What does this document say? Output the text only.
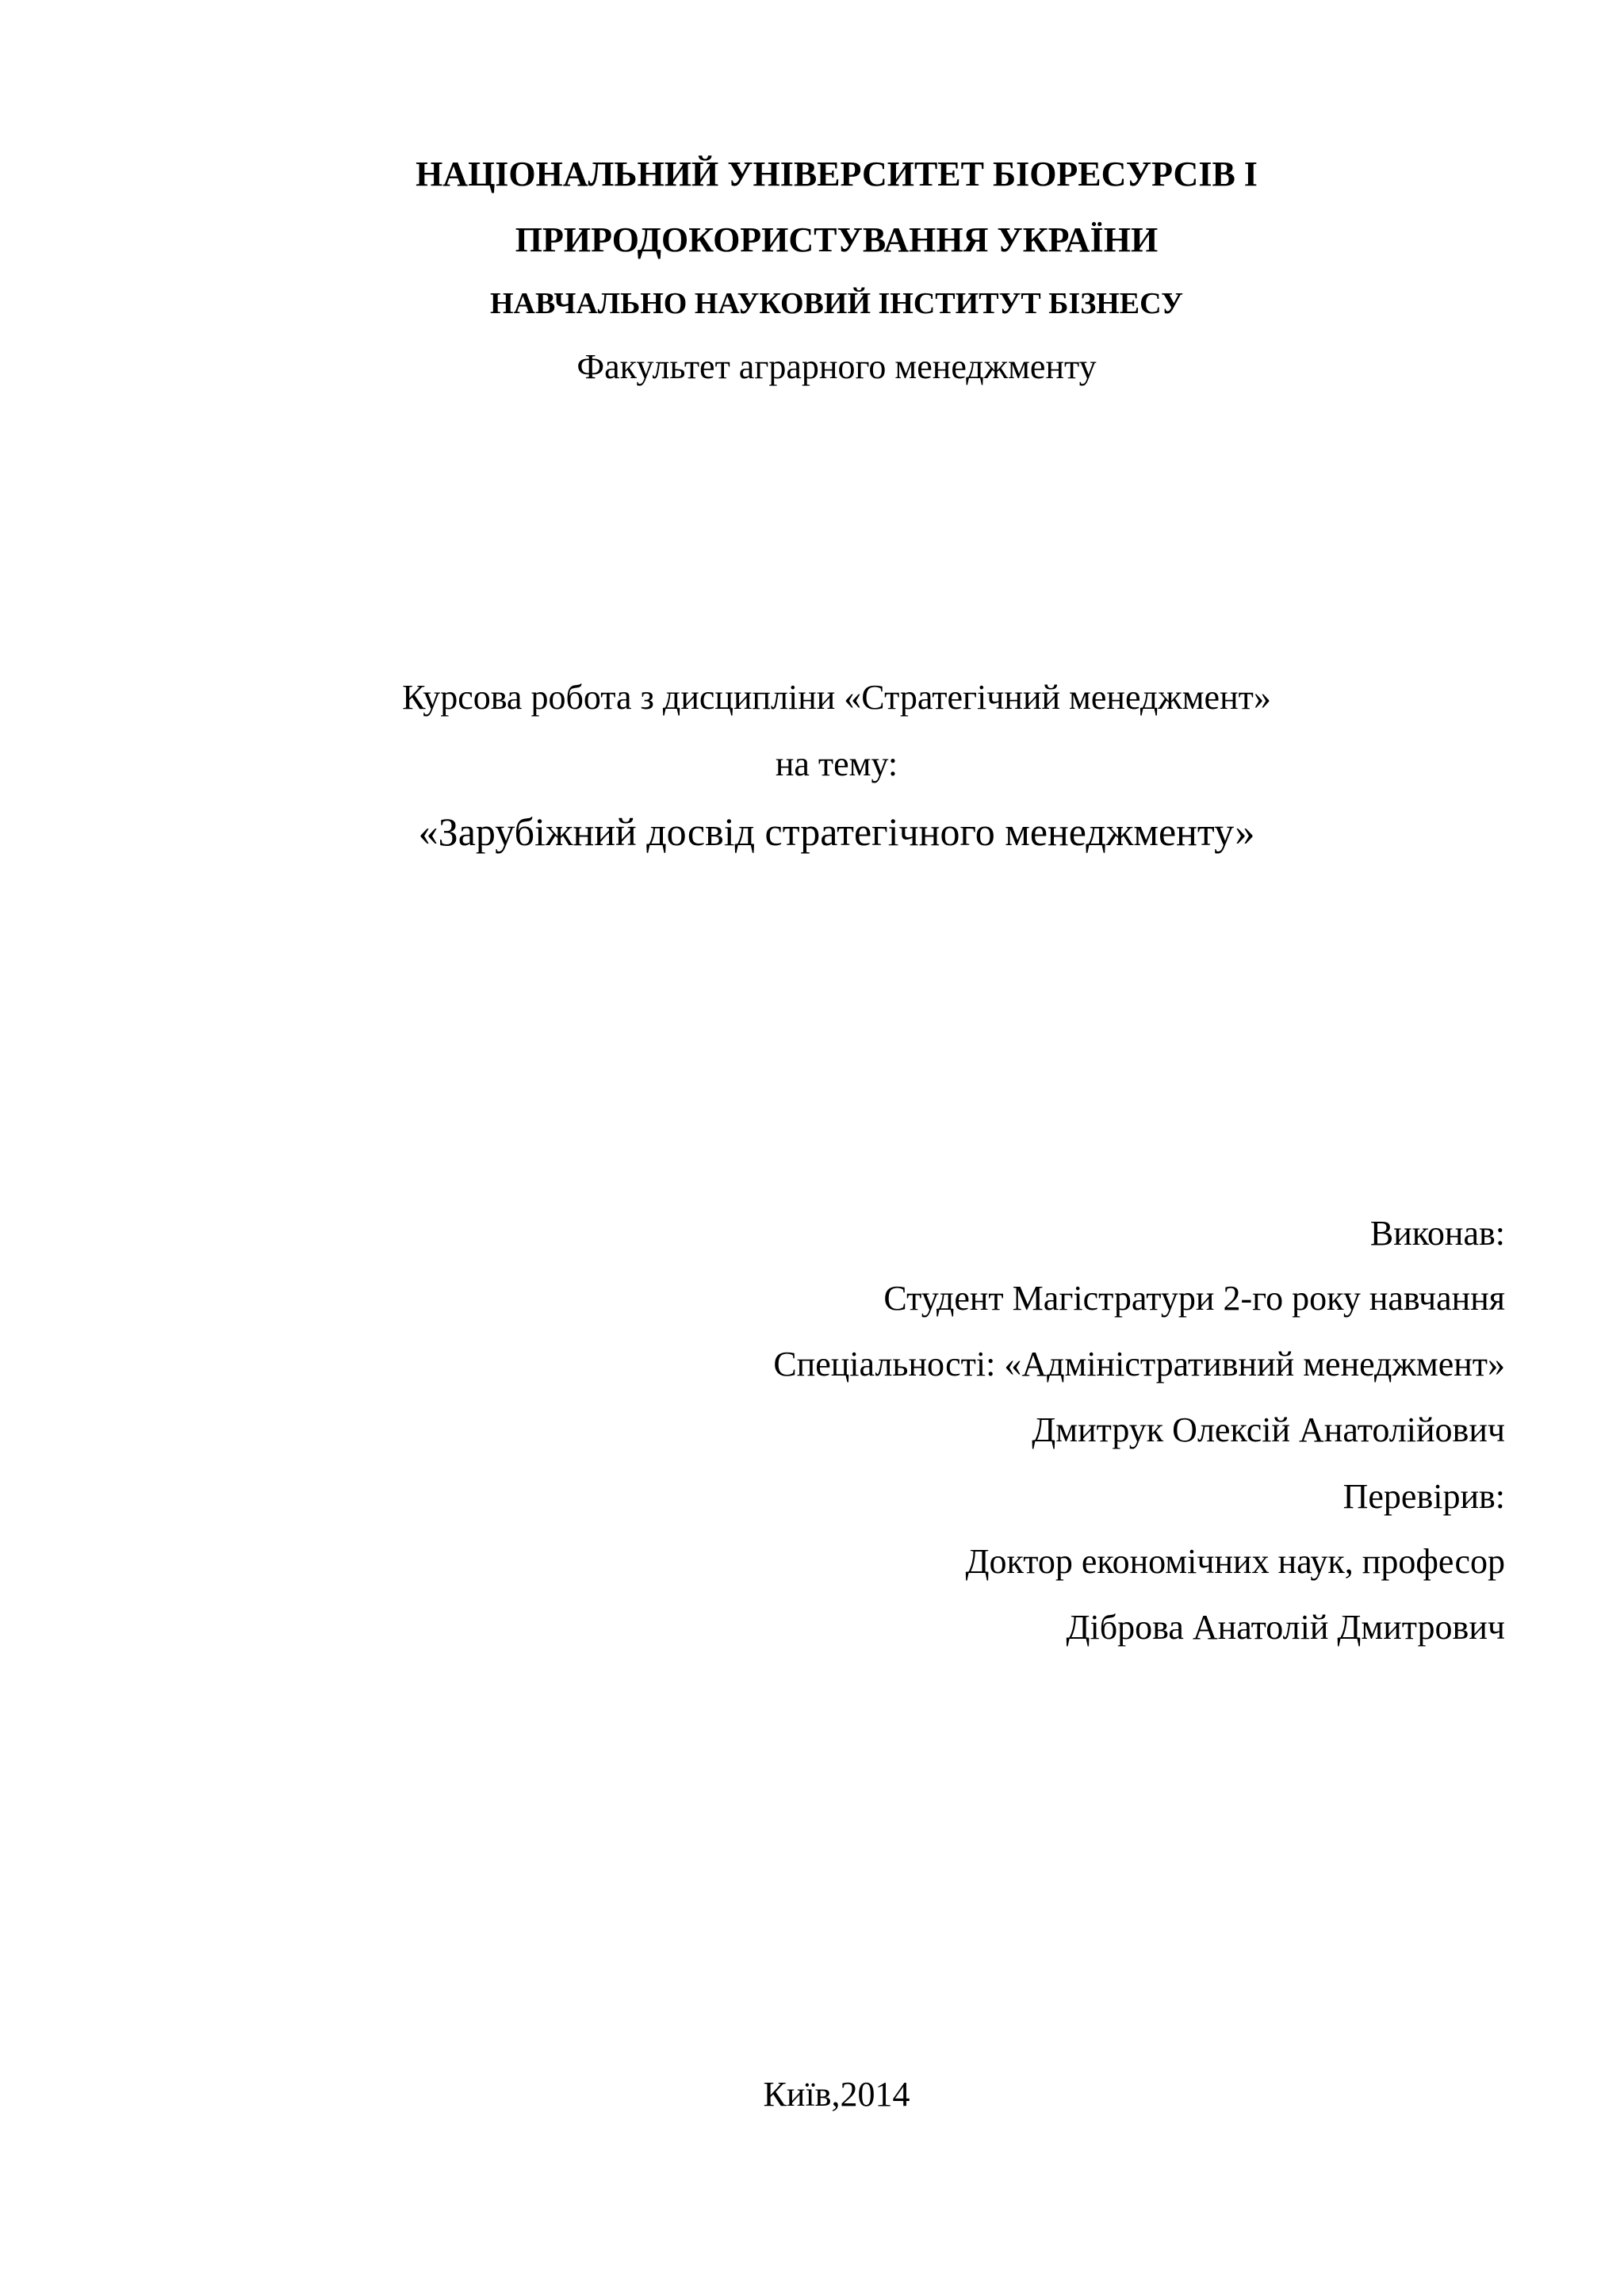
НАЦІОНАЛЬНИЙ УНІВЕРСИТЕТ БІОРЕСУРСІВ І
ПРИРОДОКОРИСТУВАННЯ УКРАЇНИ
НАВЧАЛЬНО НАУКОВИЙ ІНСТИТУТ БІЗНЕСУ
Факультет аграрного менеджменту
Курсова робота з дисципліни «Стратегічний менеджмент»
на тему:
«Зарубіжний досвід стратегічного менеджменту»
Виконав:
Студент Магістратури 2-го року навчання
Спеціальності: «Адміністративний менеджмент»
Дмитрук Олексій Анатолійович
Перевірив:
Доктор економічних наук, професор
Діброва Анатолій Дмитрович
Київ,2014
